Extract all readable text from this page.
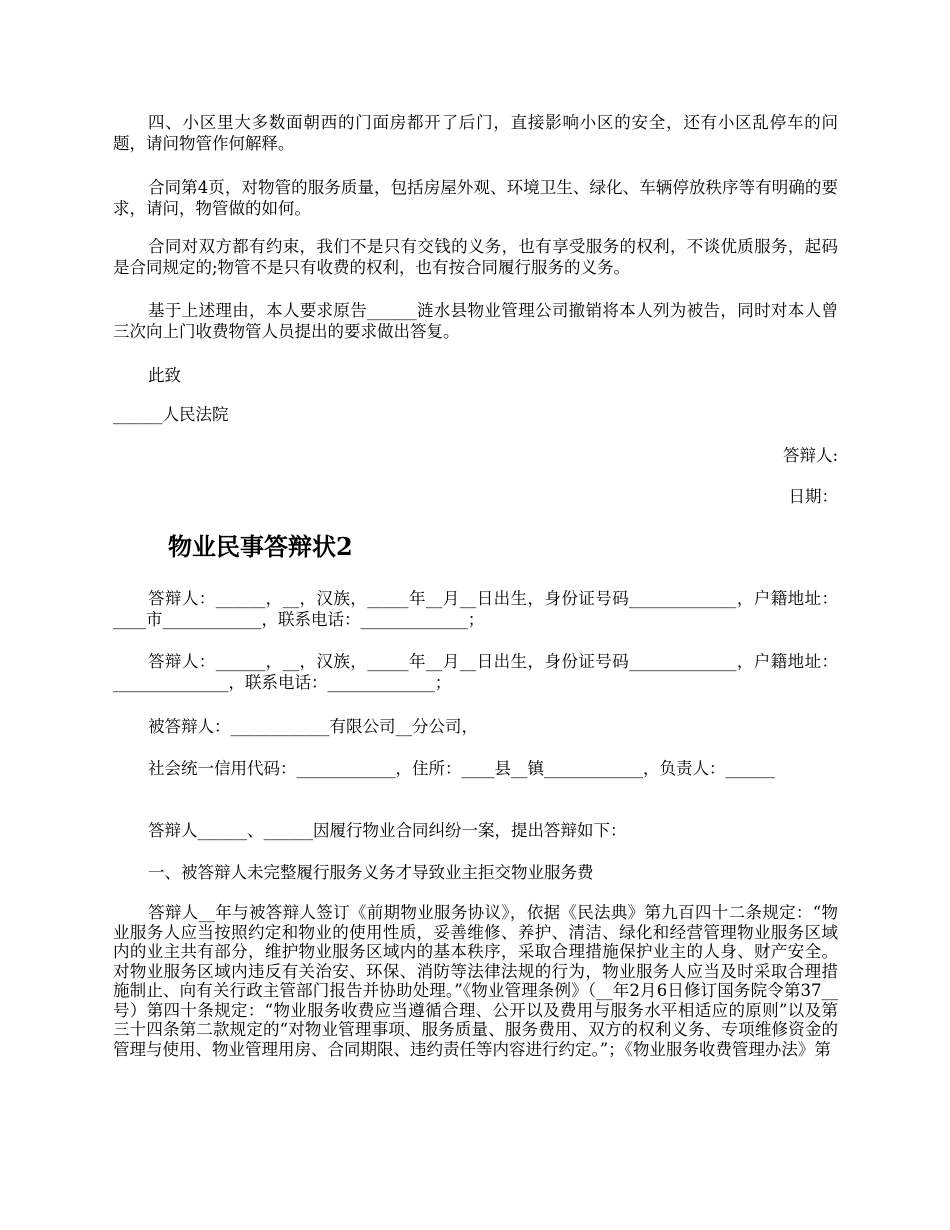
四、小区里大多数面朝西的门面房都开了后门，直接影响小区的安全，还有小区乱停车的问题，请问物管作何解释。

合同第4页，对物管的服务质量，包括房屋外观、环境卫生、绿化、车辆停放秩序等有明确的要求，请问，物管做的如何。

合同对双方都有约束，我们不是只有交钱的义务，也有享受服务的权利，不谈优质服务，起码是合同规定的;物管不是只有收费的权利，也有按合同履行服务的义务。

基于上述理由，本人要求原告______涟水县物业管理公司撤销将本人列为被告，同时对本人曾三次向上门收费物管人员提出的要求做出答复。

此致

______人民法院

答辩人:

日期：

物业民事答辩状2

答辩人：______，__，汉族，_____年__月__日出生，身份证号码_____________，户籍地址：____市____________，联系电话：_____________；

答辩人：______，__，汉族，_____年__月__日出生，身份证号码_____________，户籍地址：______________，联系电话：_____________；

被答辩人：____________有限公司__分公司，

社会统一信用代码：____________，住所：____县__镇____________，负责人：______

答辩人______、______因履行物业合同纠纷一案，提出答辩如下：

一、被答辩人未完整履行服务义务才导致业主拒交物业服务费

答辩人__年与被答辩人签订《前期物业服务协议》，依据《民法典》第九百四十二条规定：“物业服务人应当按照约定和物业的使用性质，妥善维修、养护、清洁、绿化和经营管理物业服务区域内的业主共有部分，维护物业服务区域内的基本秩序，采取合理措施保护业主的人身、财产安全。对物业服务区域内违反有关治安、环保、消防等法律法规的行为，物业服务人应当及时采取合理措施制止、向有关行政主管部门报告并协助处理。”《物业管理条例》（__年2月6日修订国务院令第37__号）第四十条规定：“物业服务收费应当遵循合理、公开以及费用与服务水平相适应的原则”以及第三十四条第二款规定的“对物业管理事项、服务质量、服务费用、双方的权利义务、专项维修资金的管理与使用、物业管理用房、合同期限、违约责任等内容进行约定。”；《物业服务收费管理办法》第
